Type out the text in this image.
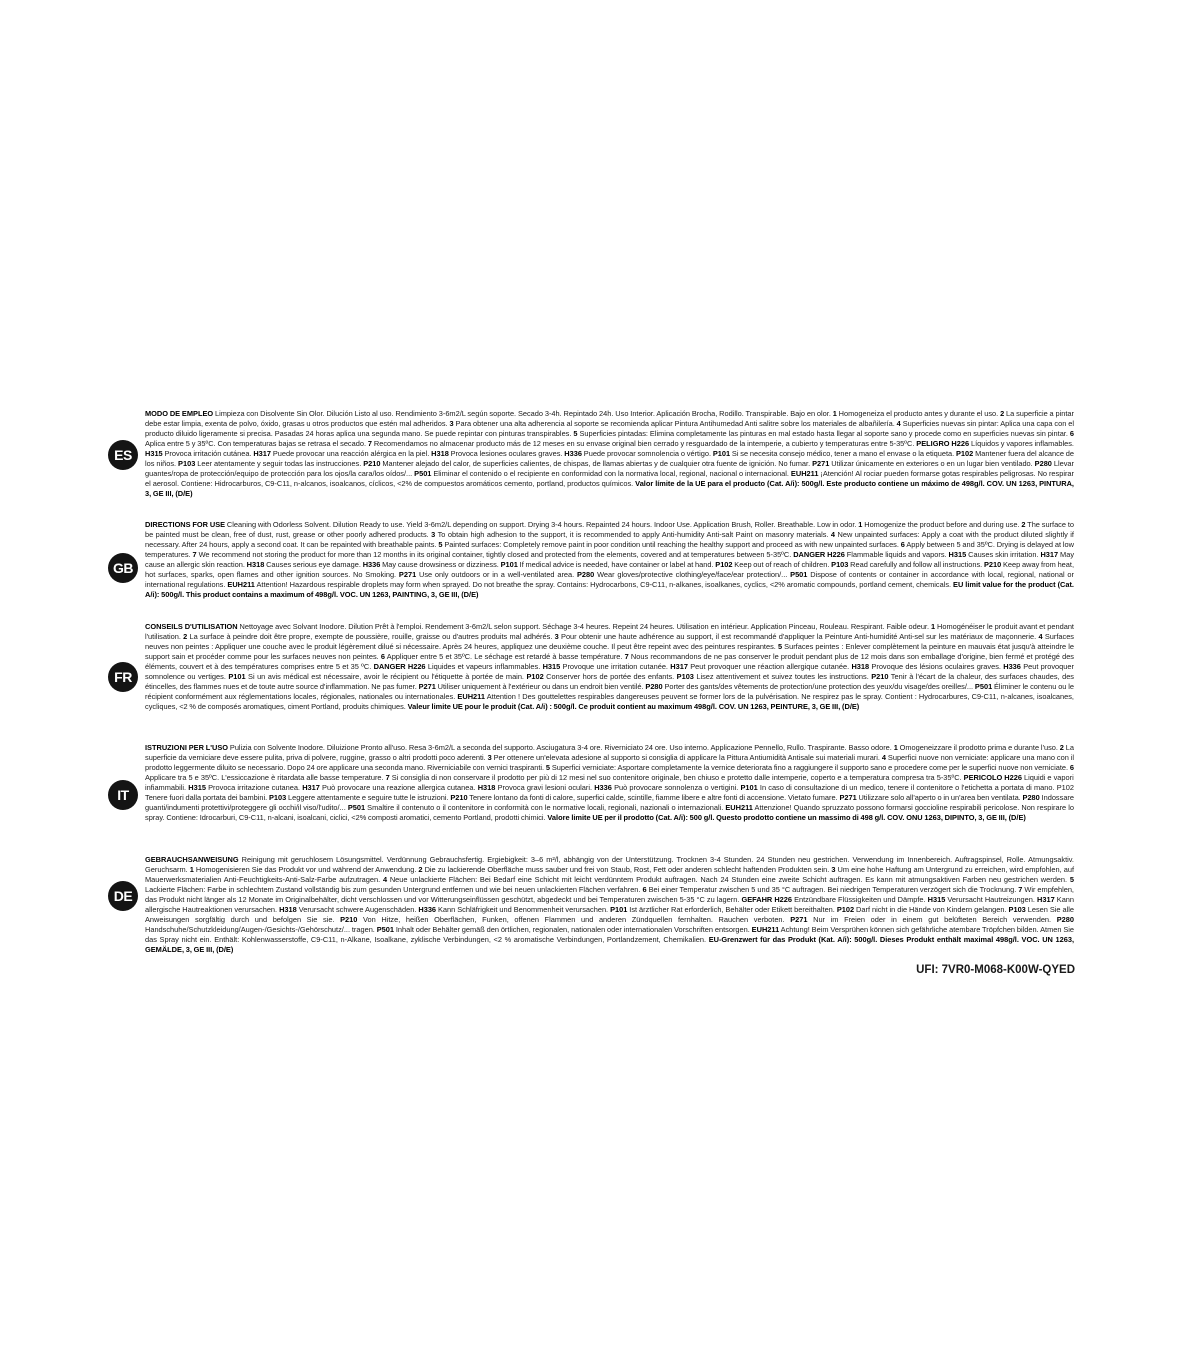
ES

MODO DE EMPLEO Limpieza con Disolvente Sin Olor. Dilución Listo al uso. Rendimiento 3-6m2/L según soporte. Secado 3-4h. Repintado 24h. Uso Interior. Aplicación Brocha, Rodillo. Transpirable. Bajo en olor. 1 Homogeneiza el producto antes y durante el uso. 2 La superficie a pintar debe estar limpia, exenta de polvo, óxido, grasas u otros productos que estén mal adheridos. 3 Para obtener una alta adherencia al soporte se recomienda aplicar Pintura Antihumedad Anti salitre sobre los materiales de albañilería. 4 Superficies nuevas sin pintar: Aplica una capa con el producto diluido ligeramente si precisa. Pasadas 24 horas aplica una segunda mano. Se puede repintar con pinturas transpirables. 5 Superficies pintadas: Elimina completamente las pinturas en mal estado hasta llegar al soporte sano y procede como en superficies nuevas sin pintar. 6 Aplica entre 5 y 35ºC. Con temperaturas bajas se retrasa el secado. 7 Recomendamos no almacenar producto más de 12 meses en su envase original bien cerrado y resguardado de la intemperie, a cubierto y temperaturas entre 5-35ºC. PELIGRO H226 Líquidos y vapores inflamables. H315 Provoca irritación cutánea. H317 Puede provocar una reacción alérgica en la piel. H318 Provoca lesiones oculares graves. H336 Puede provocar somnolencia o vértigo. P101 Si se necesita consejo médico, tener a mano el envase o la etiqueta. P102 Mantener fuera del alcance de los niños. P103 Leer atentamente y seguir todas las instrucciones. P210 Mantener alejado del calor, de superficies calientes, de chispas, de llamas abiertas y de cualquier otra fuente de ignición. No fumar. P271 Utilizar únicamente en exteriores o en un lugar bien ventilado. P280 Llevar guantes/ropa de protección/equipo de protección para los ojos/la cara/los oídos/... P501 Eliminar el contenido o el recipiente en conformidad con la normativa local, regional, nacional o internacional. EUH211 ¡Atención! Al rociar pueden formarse gotas respirables peligrosas. No respirar el aerosol. Contiene: Hidrocarburos, C9-C11, n-alcanos, isoalcanos, cíclicos, <2% de compuestos aromáticos cemento, portland, productos químicos. Valor límite de la UE para el producto (Cat. A/i): 500g/l. Este producto contiene un máximo de 498g/l. COV. UN 1263, PINTURA, 3, GE III, (D/E)

GB

DIRECTIONS FOR USE Cleaning with Odorless Solvent. Dilution Ready to use. Yield 3-6m2/L depending on support. Drying 3-4 hours. Repainted 24 hours. Indoor Use. Application Brush, Roller. Breathable. Low in odor. 1 Homogenize the product before and during use. 2 The surface to be painted must be clean, free of dust, rust, grease or other poorly adhered products. 3 To obtain high adhesion to the support, it is recommended to apply Anti-humidity Anti-salt Paint on masonry materials. 4 New unpainted surfaces: Apply a coat with the product diluted slightly if necessary. After 24 hours, apply a second coat. It can be repainted with breathable paints. 5 Painted surfaces: Completely remove paint in poor condition until reaching the healthy support and proceed as with new unpainted surfaces. 6 Apply between 5 and 35ºC. Drying is delayed at low temperatures. 7 We recommend not storing the product for more than 12 months in its original container, tightly closed and protected from the elements, covered and at temperatures between 5-35ºC. DANGER H226 Flammable liquids and vapors. H315 Causes skin irritation. H317 May cause an allergic skin reaction. H318 Causes serious eye damage. H336 May cause drowsiness or dizziness. P101 If medical advice is needed, have container or label at hand. P102 Keep out of reach of children. P103 Read carefully and follow all instructions. P210 Keep away from heat, hot surfaces, sparks, open flames and other ignition sources. No Smoking. P271 Use only outdoors or in a well-ventilated area. P280 Wear gloves/protective clothing/eye/face/ear protection/... P501 Dispose of contents or container in accordance with local, regional, national or international regulations. EUH211 Attention! Hazardous respirable droplets may form when sprayed. Do not breathe the spray. Contains: Hydrocarbons, C9-C11, n-alkanes, isoalkanes, cyclics, <2% aromatic compounds, portland cement, chemicals. EU limit value for the product (Cat. A/i): 500g/l. This product contains a maximum of 498g/l. VOC. UN 1263, PAINTING, 3, GE III, (D/E)

FR

CONSEILS D'UTILISATION Nettoyage avec Solvant Inodore. Dilution Prêt à l'emploi. Rendement 3-6m2/L selon support. Séchage 3-4 heures. Repeint 24 heures. Utilisation en intérieur. Application Pinceau, Rouleau. Respirant. Faible odeur. 1 Homogénéiser le produit avant et pendant l'utilisation. 2 La surface à peindre doit être propre, exempte de poussière, rouille, graisse ou d'autres produits mal adhérés. 3 Pour obtenir une haute adhérence au support, il est recommandé d'appliquer la Peinture Anti-humidité Anti-sel sur les matériaux de maçonnerie. 4 Surfaces neuves non peintes : Appliquer une couche avec le produit légèrement dilué si nécessaire. Après 24 heures, appliquez une deuxième couche. Il peut être repeint avec des peintures respirantes. 5 Surfaces peintes : Enlever complètement la peinture en mauvais état jusqu'à atteindre le support sain et procéder comme pour les surfaces neuves non peintes. 6 Appliquer entre 5 et 35ºC. Le séchage est retardé à basse température. 7 Nous recommandons de ne pas conserver le produit pendant plus de 12 mois dans son emballage d'origine, bien fermé et protégé des éléments, couvert et à des températures comprises entre 5 et 35 ºC. DANGER H226 Liquides et vapeurs inflammables. H315 Provoque une irritation cutanée. H317 Peut provoquer une réaction allergique cutanée. H318 Provoque des lésions oculaires graves. H336 Peut provoquer somnolence ou vertiges. P101 Si un avis médical est nécessaire, avoir le récipient ou l'étiquette à portée de main. P102 Conserver hors de portée des enfants. P103 Lisez attentivement et suivez toutes les instructions. P210 Tenir à l'écart de la chaleur, des surfaces chaudes, des étincelles, des flammes nues et de toute autre source d'inflammation. Ne pas fumer. P271 Utiliser uniquement à l'extérieur ou dans un endroit bien ventilé. P280 Porter des gants/des vêtements de protection/une protection des yeux/du visage/des oreilles/... P501 Éliminer le contenu ou le récipient conformément aux réglementations locales, régionales, nationales ou internationales. EUH211 Attention ! Des gouttelettes respirables dangereuses peuvent se former lors de la pulvérisation. Ne respirez pas le spray. Contient : Hydrocarbures, C9-C11, n-alcanes, isoalcanes, cycliques, <2 % de composés aromatiques, ciment Portland, produits chimiques. Valeur limite UE pour le produit (Cat. A/i) : 500g/l. Ce produit contient au maximum 498g/l. COV. UN 1263, PEINTURE, 3, GE III, (D/E)

IT

ISTRUZIONI PER L'USO Pulizia con Solvente Inodore. Diluizione Pronto all'uso. Resa 3-6m2/L a seconda del supporto. Asciugatura 3-4 ore. Riverniciato 24 ore. Uso interno. Applicazione Pennello, Rullo. Traspirante. Basso odore. 1 Omogeneizzare il prodotto prima e durante l'uso. 2 La superficie da verniciare deve essere pulita, priva di polvere, ruggine, grasso o altri prodotti poco aderenti. 3 Per ottenere un'elevata adesione al supporto si consiglia di applicare la Pittura Antiumidità Antisale sui materiali murari. 4 Superfici nuove non verniciate: applicare una mano con il prodotto leggermente diluito se necessario. Dopo 24 ore applicare una seconda mano. Riverniciabile con vernici traspiranti. 5 Superfici verniciate: Asportare completamente la vernice deteriorata fino a raggiungere il supporto sano e procedere come per le superfici nuove non verniciate. 6 Applicare tra 5 e 35ºC. L'essiccazione è ritardata alle basse temperature. 7 Si consiglia di non conservare il prodotto per più di 12 mesi nel suo contenitore originale, ben chiuso e protetto dalle intemperie, coperto e a temperatura compresa tra 5-35ºC. PERICOLO H226 Liquidi e vapori infiammabili. H315 Provoca irritazione cutanea. H317 Può provocare una reazione allergica cutanea. H318 Provoca gravi lesioni oculari. H336 Può provocare sonnolenza o vertigini. P101 In caso di consultazione di un medico, tenere il contenitore o l'etichetta a portata di mano. P102 Tenere fuori dalla portata dei bambini. P103 Leggere attentamente e seguire tutte le istruzioni. P210 Tenere lontano da fonti di calore, superfici calde, scintille, fiamme libere e altre fonti di accensione. Vietato fumare. P271 Utilizzare solo all'aperto o in un'area ben ventilata. P280 Indossare guanti/indumenti protettivi/proteggere gli occhi/il viso/l'udito/... P501 Smaltire il contenuto o il contenitore in conformità con le normative locali, regionali, nazionali o internazionali. EUH211 Attenzione! Quando spruzzato possono formarsi goccioline respirabili pericolose. Non respirare lo spray. Contiene: Idrocarburi, C9-C11, n-alcani, isoalcani, ciclici, <2% composti aromatici, cemento Portland, prodotti chimici. Valore limite UE per il prodotto (Cat. A/i): 500 g/l. Questo prodotto contiene un massimo di 498 g/l. COV. ONU 1263, DIPINTO, 3, GE III, (D/E)

DE

GEBRAUCHSANWEISUNG Reinigung mit geruchlosem Lösungsmittel. Verdünnung Gebrauchsfertig. Ergiebigkeit: 3–6 m²/l, abhängig von der Unterstützung. Trocknen 3-4 Stunden. 24 Stunden neu gestrichen. Verwendung im Innenbereich. Auftragspinsel, Rolle. Atmungsaktiv. Geruchsarm. 1 Homogenisieren Sie das Produkt vor und während der Anwendung. 2 Die zu lackierende Oberfläche muss sauber und frei von Staub, Rost, Fett oder anderen schlecht haftenden Produkten sein. 3 Um eine hohe Haftung am Untergrund zu erreichen, wird empfohlen, auf Mauerwerksmaterialien Anti-Feuchtigkeits-Anti-Salz-Farbe aufzutragen. 4 Neue unlackierte Flächen: Bei Bedarf eine Schicht mit leicht verdünntem Produkt auftragen. Nach 24 Stunden eine zweite Schicht auftragen. Es kann mit atmungsaktiven Farben neu gestrichen werden. 5 Lackierte Flächen: Farbe in schlechtem Zustand vollständig bis zum gesunden Untergrund entfernen und wie bei neuen unlackierten Flächen verfahren. 6 Bei einer Temperatur zwischen 5 und 35 °C auftragen. Bei niedrigen Temperaturen verzögert sich die Trocknung. 7 Wir empfehlen, das Produkt nicht länger als 12 Monate im Originalbehälter, dicht verschlossen und vor Witterungseinflüssen geschützt, abgedeckt und bei Temperaturen zwischen 5-35 °C zu lagern. GEFAHR H226 Entzündbare Flüssigkeiten und Dämpfe. H315 Verursacht Hautreizungen. H317 Kann allergische Hautreaktionen verursachen. H318 Verursacht schwere Augenschäden. H336 Kann Schläfrigkeit und Benommenheit verursachen. P101 Ist ärztlicher Rat erforderlich, Behälter oder Etikett bereithalten. P102 Darf nicht in die Hände von Kindern gelangen. P103 Lesen Sie alle Anweisungen sorgfältig durch und befolgen Sie sie. P210 Von Hitze, heißen Oberflächen, Funken, offenen Flammen und anderen Zündquellen fernhalten. Rauchen verboten. P271 Nur im Freien oder in einem gut belüfteten Bereich verwenden. P280 Handschuhe/Schutzkleidung/Augen-/Gesichts-/Gehörschutz/... tragen. P501 Inhalt oder Behälter gemäß den örtlichen, regionalen, nationalen oder internationalen Vorschriften entsorgen. EUH211 Achtung! Beim Versprühen können sich gefährliche atembare Tröpfchen bilden. Atmen Sie das Spray nicht ein. Enthält: Kohlenwasserstoffe, C9-C11, n-Alkane, Isoalkane, zyklische Verbindungen, <2 % aromatische Verbindungen, Portlandzement, Chemikalien. EU-Grenzwert für das Produkt (Kat. A/i): 500g/l. Dieses Produkt enthält maximal 498g/l. VOC. UN 1263, GEMÄLDE, 3, GE III, (D/E)

UFI: 7VR0-M068-K00W-QYED
